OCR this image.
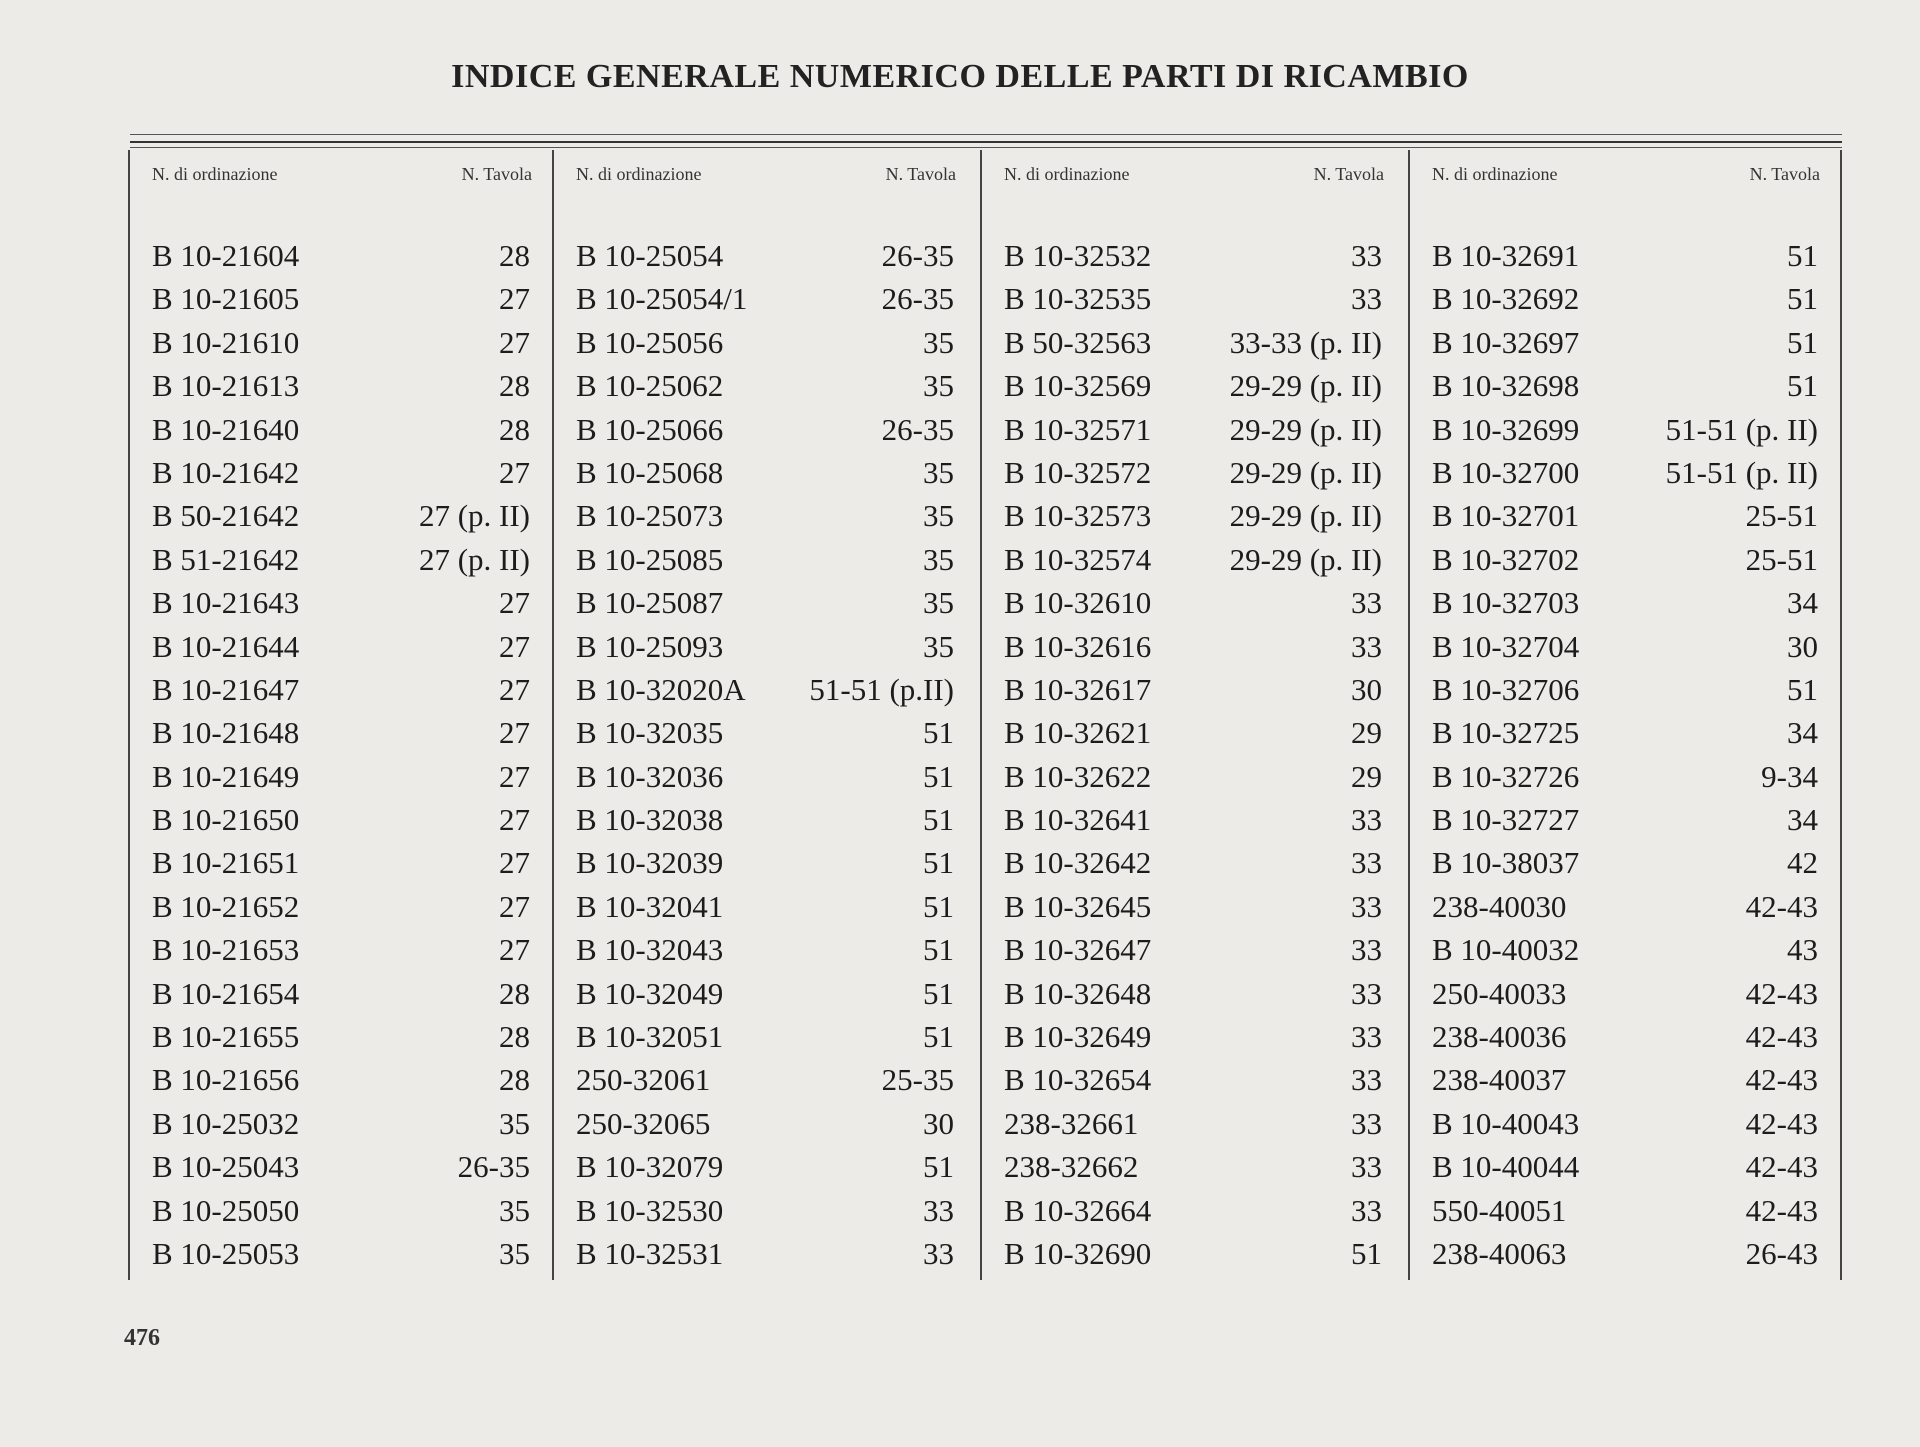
INDICE GENERALE NUMERICO DELLE PARTI DI RICAMBIO
N. di ordinazione	N. Tavola
B 10-21604	28
B 10-21605	27
B 10-21610	27
B 10-21613	28
B 10-21640	28
B 10-21642	27
B 50-21642	27 (p. II)
B 51-21642	27 (p. II)
B 10-21643	27
B 10-21644	27
B 10-21647	27
B 10-21648	27
B 10-21649	27
B 10-21650	27
B 10-21651	27
B 10-21652	27
B 10-21653	27
B 10-21654	28
B 10-21655	28
B 10-21656	28
B 10-25032	35
B 10-25043	26-35
B 10-25050	35
B 10-25053	35
N. di ordinazione	N. Tavola
B 10-25054	26-35
B 10-25054/1	26-35
B 10-25056	35
B 10-25062	35
B 10-25066	26-35
B 10-25068	35
B 10-25073	35
B 10-25085	35
B 10-25087	35
B 10-25093	35
B 10-32020A 51-51 (p.II)
B 10-32035	51
B 10-32036	51
B 10-32038	51
B 10-32039	51
B 10-32041	51
B 10-32043	51
B 10-32049	51
B 10-32051	51
250-32061	25-35
250-32065	30
B 10-32079	51
B 10-32530	33
B 10-32531	33
N. di ordinazione	N. Tavola
B 10-32532	33
B 10-32535	33
B 50-32563	33-33 (p. II)
B 10-32569	29-29 (p. II)
B 10-32571	29-29 (p. II)
B 10-32572	29-29 (p. II)
B 10-32573	29-29 (p. II)
B 10-32574	29-29 (p. II)
B 10-32610	33
B 10-32616	33
B 10-32617	30
B 10-32621	29
B 10-32622	29
B 10-32641	33
B 10-32642	33
B 10-32645	33
B 10-32647	33
B 10-32648	33
B 10-32649	33
B 10-32654	33
238-32661	33
238-32662	33
B 10-32664	33
B 10-32690	51
N. di ordinazione	N. Tavola
B 10-32691	51
B 10-32692	51
B 10-32697	51
B 10-32698	51
B 10-32699	51-51 (p. II)
B 10-32700	51-51 (p. II)
B 10-32701	25-51
B 10-32702	25-51
B 10-32703	34
B 10-32704	30
B 10-32706	51
B 10-32725	34
B 10-32726	9-34
B 10-32727	34
B 10-38037	42
238-40030	42-43
B 10-40032	43
250-40033	42-43
238-40036	42-43
238-40037	42-43
B 10-40043	42-43
B 10-40044	42-43
550-40051	42-43
238-40063	26-43
476
